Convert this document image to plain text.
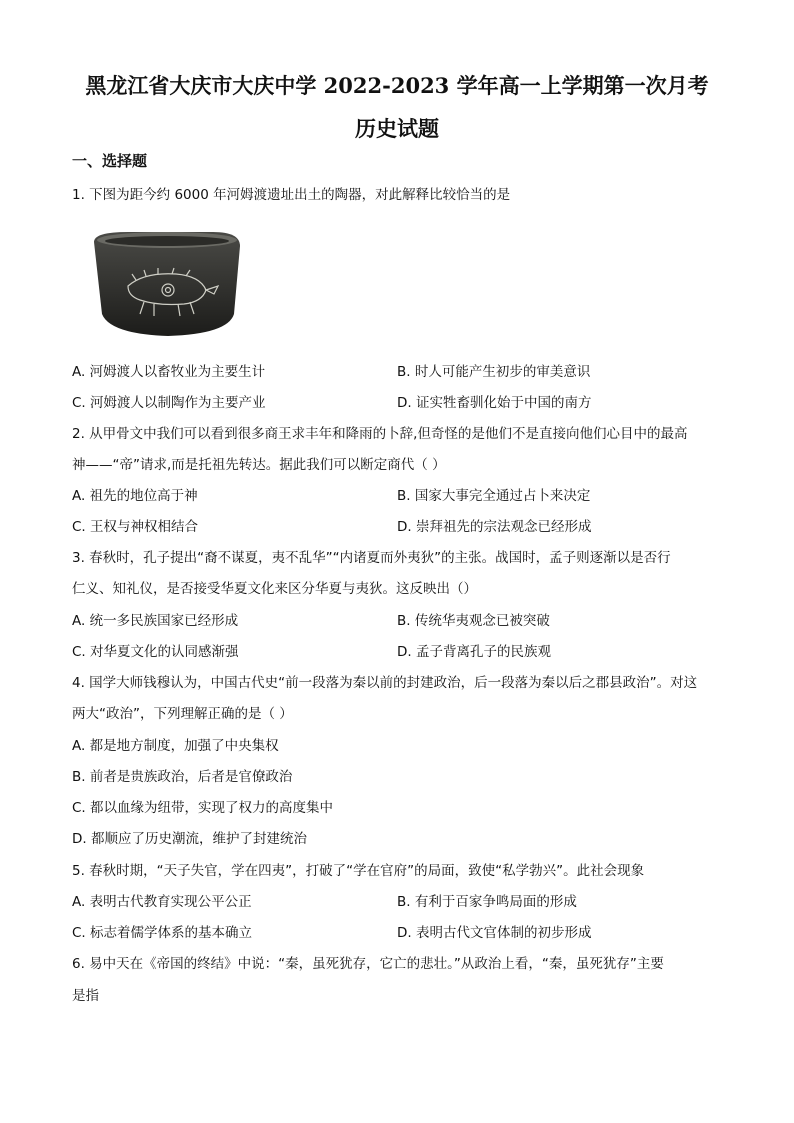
黑龙江省大庆市大庆中学 2022-2023 学年高一上学期第一次月考
历史试题
一、选择题
1. 下图为距今约 6000 年河姆渡遗址出土的陶器，对此解释比较恰当的是
A. 河姆渡人以畜牧业为主要生计	B. 时人可能产生初步的审美意识
C. 河姆渡人以制陶作为主要产业	D. 证实牲畜驯化始于中国的南方
2. 从甲骨文中我们可以看到很多商王求丰年和降雨的卜辞,但奇怪的是他们不是直接向他们心目中的最高
神——“帝”请求,而是托祖先转达。据此我们可以断定商代（ ）
A. 祖先的地位高于神	B. 国家大事完全通过占卜来决定
C. 王权与神权相结合	D. 崇拜祖先的宗法观念已经形成
3. 春秋时，孔子提出“裔不谋夏，夷不乱华”“内诸夏而外夷狄”的主张。战国时，孟子则逐渐以是否行
仁义、知礼仪，是否接受华夏文化来区分华夏与夷狄。这反映出（）
A. 统一多民族国家已经形成	B. 传统华夷观念已被突破
C. 对华夏文化的认同感渐强	D. 孟子背离孔子的民族观
4. 国学大师钱穆认为，中国古代史“前一段落为秦以前的封建政治，后一段落为秦以后之郡县政治”。对这
两大“政治”，下列理解正确的是（ ）
A. 都是地方制度，加强了中央集权
B. 前者是贵族政治，后者是官僚政治
C. 都以血缘为纽带，实现了权力的高度集中
D. 都顺应了历史潮流，维护了封建统治
5. 春秋时期，“天子失官，学在四夷”，打破了“学在官府”的局面，致使“私学勃兴”。此社会现象
A. 表明古代教育实现公平公正	B. 有利于百家争鸣局面的形成
C. 标志着儒学体系的基本确立	D. 表明古代文官体制的初步形成
6. 易中天在《帝国的终结》中说：“秦，虽死犹存，它亡的悲壮。”从政治上看，“秦，虽死犹存”主要
是指
